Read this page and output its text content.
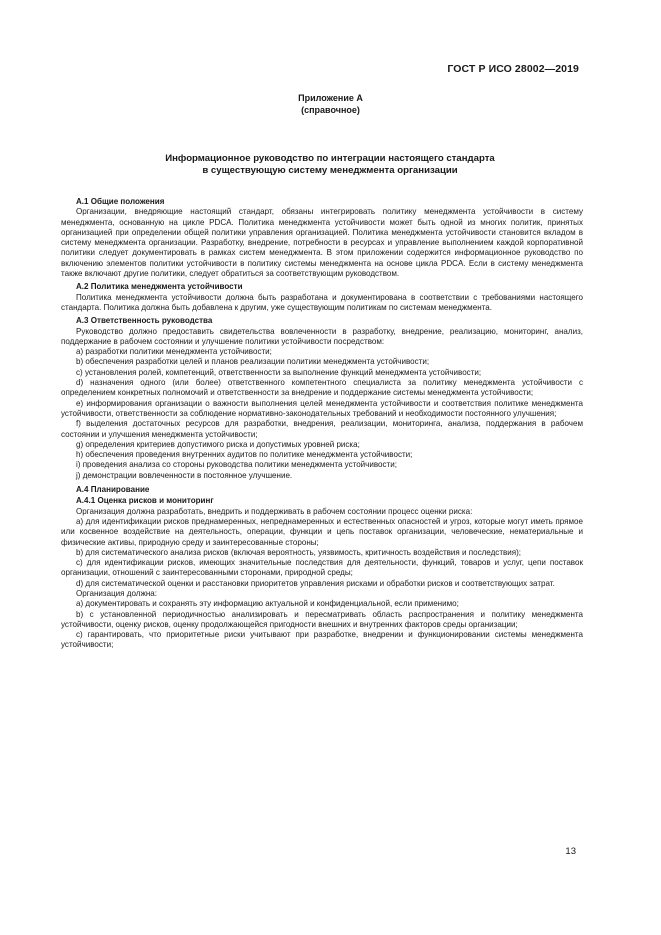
ГОСТ Р ИСО 28002—2019
Приложение А
(справочное)
Информационное руководство по интеграции настоящего стандарта
в существующую систему менеджмента организации
А.1 Общие положения
Организации, внедряющие настоящий стандарт, обязаны интегрировать политику менеджмента устойчивости в систему менеджмента, основанную на цикле PDCA. Политика менеджмента устойчивости может быть одной из многих политик, принятых организацией при определении общей политики управления организацией. Политика менеджмента устойчивости становится вкладом в систему менеджмента организации. Разработку, внедрение, потребности в ресурсах и управление выполнением каждой корпоративной политики следует документировать в рамках систем менеджмента. В этом приложении содержится информационное руководство по включению элементов политики устойчивости в политику системы менеджмента на основе цикла PDCA. Если в систему менеджмента также включают другие политики, следует обратиться за соответствующим руководством.
А.2 Политика менеджмента устойчивости
Политика менеджмента устойчивости должна быть разработана и документирована в соответствии с требованиями настоящего стандарта. Политика должна быть добавлена к другим, уже существующим политикам по системам менеджмента.
А.3 Ответственность руководства
Руководство должно предоставить свидетельства вовлеченности в разработку, внедрение, реализацию, мониторинг, анализ, поддержание в рабочем состоянии и улучшение политики устойчивости посредством:
a) разработки политики менеджмента устойчивости;
b) обеспечения разработки целей и планов реализации политики менеджмента устойчивости;
c) установления ролей, компетенций, ответственности за выполнение функций менеджмента устойчивости;
d) назначения одного (или более) ответственного компетентного специалиста за политику менеджмента устойчивости с определением конкретных полномочий и ответственности за внедрение и поддержание системы менеджмента устойчивости;
e) информирования организации о важности выполнения целей менеджмента устойчивости и соответствия политике менеджмента устойчивости, ответственности за соблюдение нормативно-законодательных требований и необходимости постоянного улучшения;
f) выделения достаточных ресурсов для разработки, внедрения, реализации, мониторинга, анализа, поддержания в рабочем состоянии и улучшения менеджмента устойчивости;
g) определения критериев допустимого риска и допустимых уровней риска;
h) обеспечения проведения внутренних аудитов по политике менеджмента устойчивости;
i) проведения анализа со стороны руководства политики менеджмента устойчивости;
j) демонстрации вовлеченности в постоянное улучшение.
А.4 Планирование
А.4.1 Оценка рисков и мониторинг
Организация должна разработать, внедрить и поддерживать в рабочем состоянии процесс оценки риска:
a) для идентификации рисков преднамеренных, непреднамеренных и естественных опасностей и угроз, которые могут иметь прямое или косвенное воздействие на деятельность, операции, функции и цепь поставок организации, человеческие, нематериальные и физические активы, природную среду и заинтересованные стороны;
b) для систематического анализа рисков (включая вероятность, уязвимость, критичность воздействия и последствия);
c) для идентификации рисков, имеющих значительные последствия для деятельности, функций, товаров и услуг, цепи поставок организации, отношений с заинтересованными сторонами, природной среды;
d) для систематической оценки и расстановки приоритетов управления рисками и обработки рисков и соответствующих затрат.
Организация должна:
a) документировать и сохранять эту информацию актуальной и конфиденциальной, если применимо;
b) с установленной периодичностью анализировать и пересматривать область распространения и политику менеджмента устойчивости, оценку рисков, оценку продолжающейся пригодности внешних и внутренних факторов среды организации;
c) гарантировать, что приоритетные риски учитывают при разработке, внедрении и функционировании системы менеджмента устойчивости;
13
